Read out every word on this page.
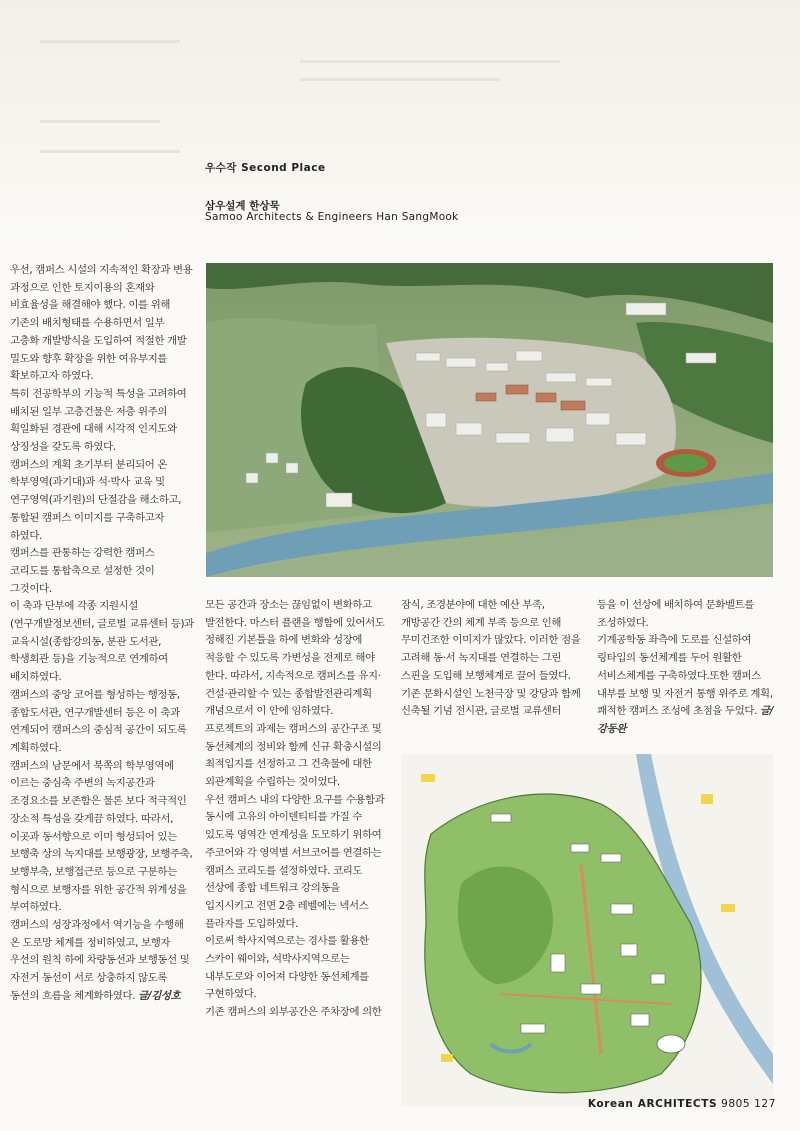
우수작 Second Place
삼우설계 한상묵
Samoo Architects & Engineers Han SangMook

우선, 캠퍼스 시설의 지속적인 확장과 변용 과정으로 인한 토지이용의 혼재와 비효율성을 해결해야 했다. 이를 위해 기존의 배치형태를 수용하면서 일부 고층화 개발방식을 도입하여 적절한 개발 밀도와 향후 확장을 위한 여유부지를 확보하고자 하였다.

특히 전공학부의 기능적 특성을 고려하여 배치된 일부 고층건물은 저층 위주의 획일화된 경관에 대해 시각적 인지도와 상징성을 갖도록 하였다.

캠퍼스의 계획 초기부터 분리되어 온 학부영역(과기대)과 석·박사 교육 및 연구영역(과기원)의 단절감을 해소하고, 통합된 캠퍼스 이미지를 구축하고자 하였다.

캠퍼스를 관통하는 강력한 캠퍼스 코리도를 통합축으로 설정한 것이 그것이다.

이 축과 단부에 각종 지원시설(연구개발정보센터, 글로벌 교류센터 등)과 교육시설(종합강의동, 분관 도서관, 학생회관 등)을 기능적으로 연계하여 배치하였다.

캠퍼스의 중앙 코어를 형성하는 행정동, 종합도서관, 연구개발센터 등은 이 축과 연계되어 캠퍼스의 중심적 공간이 되도록 계획하였다.

캠퍼스의 남문에서 북쪽의 학부영역에 이르는 중심축 주변의 녹지공간과 조경요소를 보존함은 물론 보다 적극적인 장소적 특성을 갖게끔 하였다. 따라서, 이곳과 동서향으로 이미 형성되어 있는 보행축 상의 녹지대를 보행광장, 보행주축, 보행부축, 보행접근로 등으로 구분하는 형식으로 보행자를 위한 공간적 위계성을 부여하였다.

캠퍼스의 성장과정에서 역기능을 수행해 온 도로망 체계를 정비하였고, 보행자 우선의 원칙 하에 차량동선과 보행동선 및 자전거 동선이 서로 상충하지 않도록 동선의 흐름을 체계화하였다. 글/김성호

모든 공간과 장소는 끊임없이 변화하고 발전한다. 마스터 플랜을 행함에 있어서도 정해진 기본틀을 하에 변화와 성장에 적응할 수 있도록 가변성을 전제로 해야 한다. 따라서, 지속적으로 캠퍼스를 유지·건설·관리할 수 있는 종합발전관리계획 개념으로서 이 안에 임하였다.

프로젝트의 과제는 캠퍼스의 공간구조 및 동선체계의 정비와 함께 신규 확충시설의 최적입지를 선정하고 그 건축물에 대한 외관계획을 수립하는 것이었다.

우선 캠퍼스 내의 다양한 요구를 수용함과 동시에 고유의 아이덴티티를 가질 수 있도록 영역간 연계성을 도모하기 위하여 주코어와 각 영역별 서브코어를 연결하는 캠퍼스 코리도를 설정하였다. 코리도 선상에 종합 네트워크 강의동을 입지시키고 전면 2층 레벨에는 넥서스 플라자를 도입하였다.

이로써 학사지역으로는 경사를 활용한 스카이 웨이와, 석박사지역으로는 내부도로와 이어져 다양한 동선체계를 구현하였다.

기존 캠퍼스의 외부공간은 주차장에 의한

잠식, 조경분야에 대한 예산 부족, 개방공간 간의 체계 부족 등으로 인해 무미건조한 이미지가 많았다. 이러한 점을 고려해 동·서 녹지대를 연결하는 그린 스핀을 도입해 보행체계로 끌어 들였다.

기존 문화시설인 노천극장 및 강당과 함께 신축될 기념 전시관, 글로벌 교류센터

등을 이 선상에 배치하여 문화벨트를 조성하였다.

기계공학동 좌측에 도로를 신설하여 링타입의 동선체계를 두어 원활한 서비스체계를 구축하였다.또한 캠퍼스 내부를 보행 및 자전거 통행 위주로 계획, 쾌적한 캠퍼스 조성에 초점을 두었다. 글/강동완

Korean ARCHITECTS 9805 127
